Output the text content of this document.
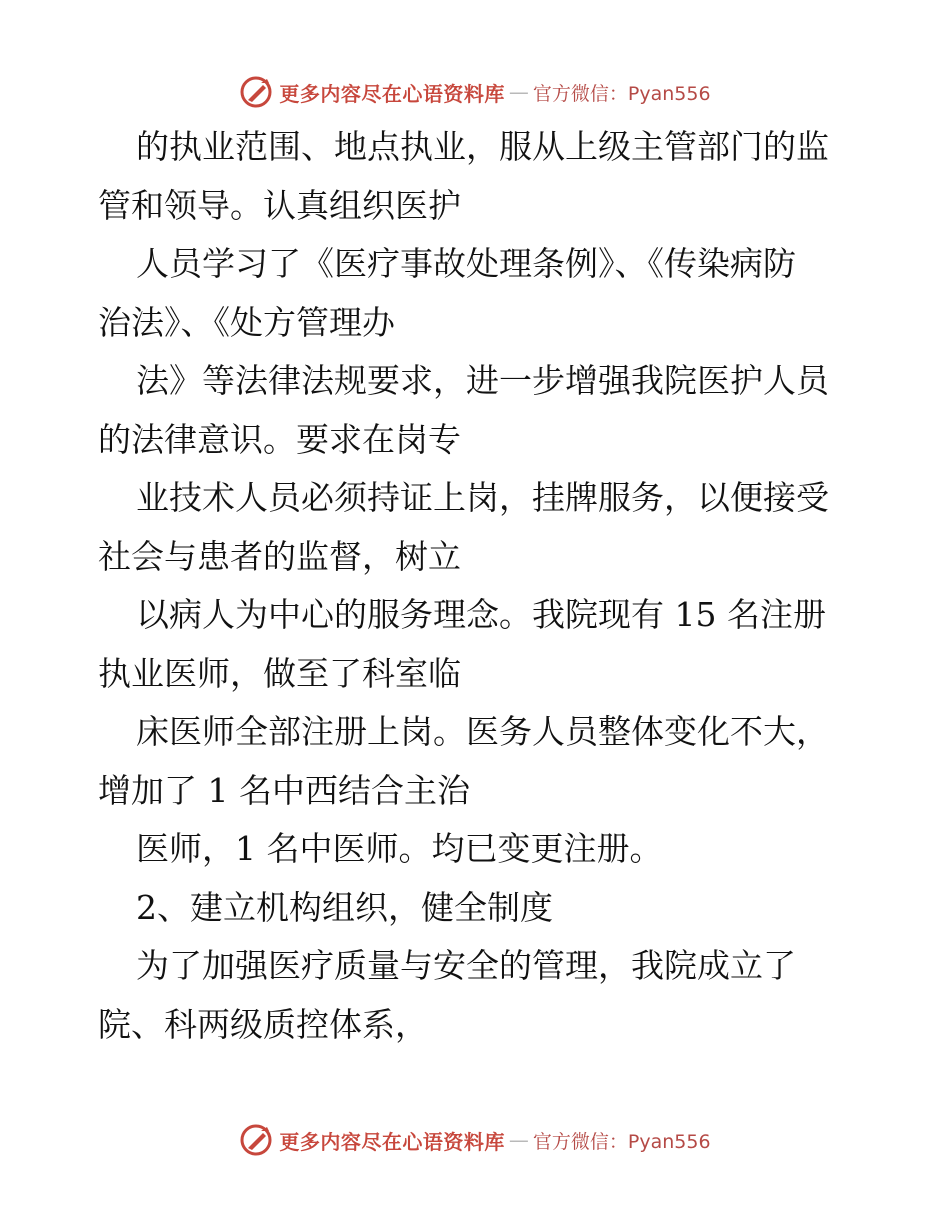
更多内容尽在心语资料库 — 官方微信：Pyan556

的执业范围、地点执业，服从上级主管部门的监
管和领导。认真组织医护

人员学习了《医疗事故处理条例》、《传染病防
治法》、《处方管理办

法》等法律法规要求，进一步增强我院医护人员
的法律意识。要求在岗专

业技术人员必须持证上岗，挂牌服务，以便接受
社会与患者的监督，树立

以病人为中心的服务理念。我院现有 15 名注册
执业医师，做至了科室临

床医师全部注册上岗。医务人员整体变化不大，
增加了 1 名中西结合主治

医师，1 名中医师。均已变更注册。

2、建立机构组织，健全制度

为了加强医疗质量与安全的管理，我院成立了
院、科两级质控体系，

更多内容尽在心语资料库 — 官方微信：Pyan556
